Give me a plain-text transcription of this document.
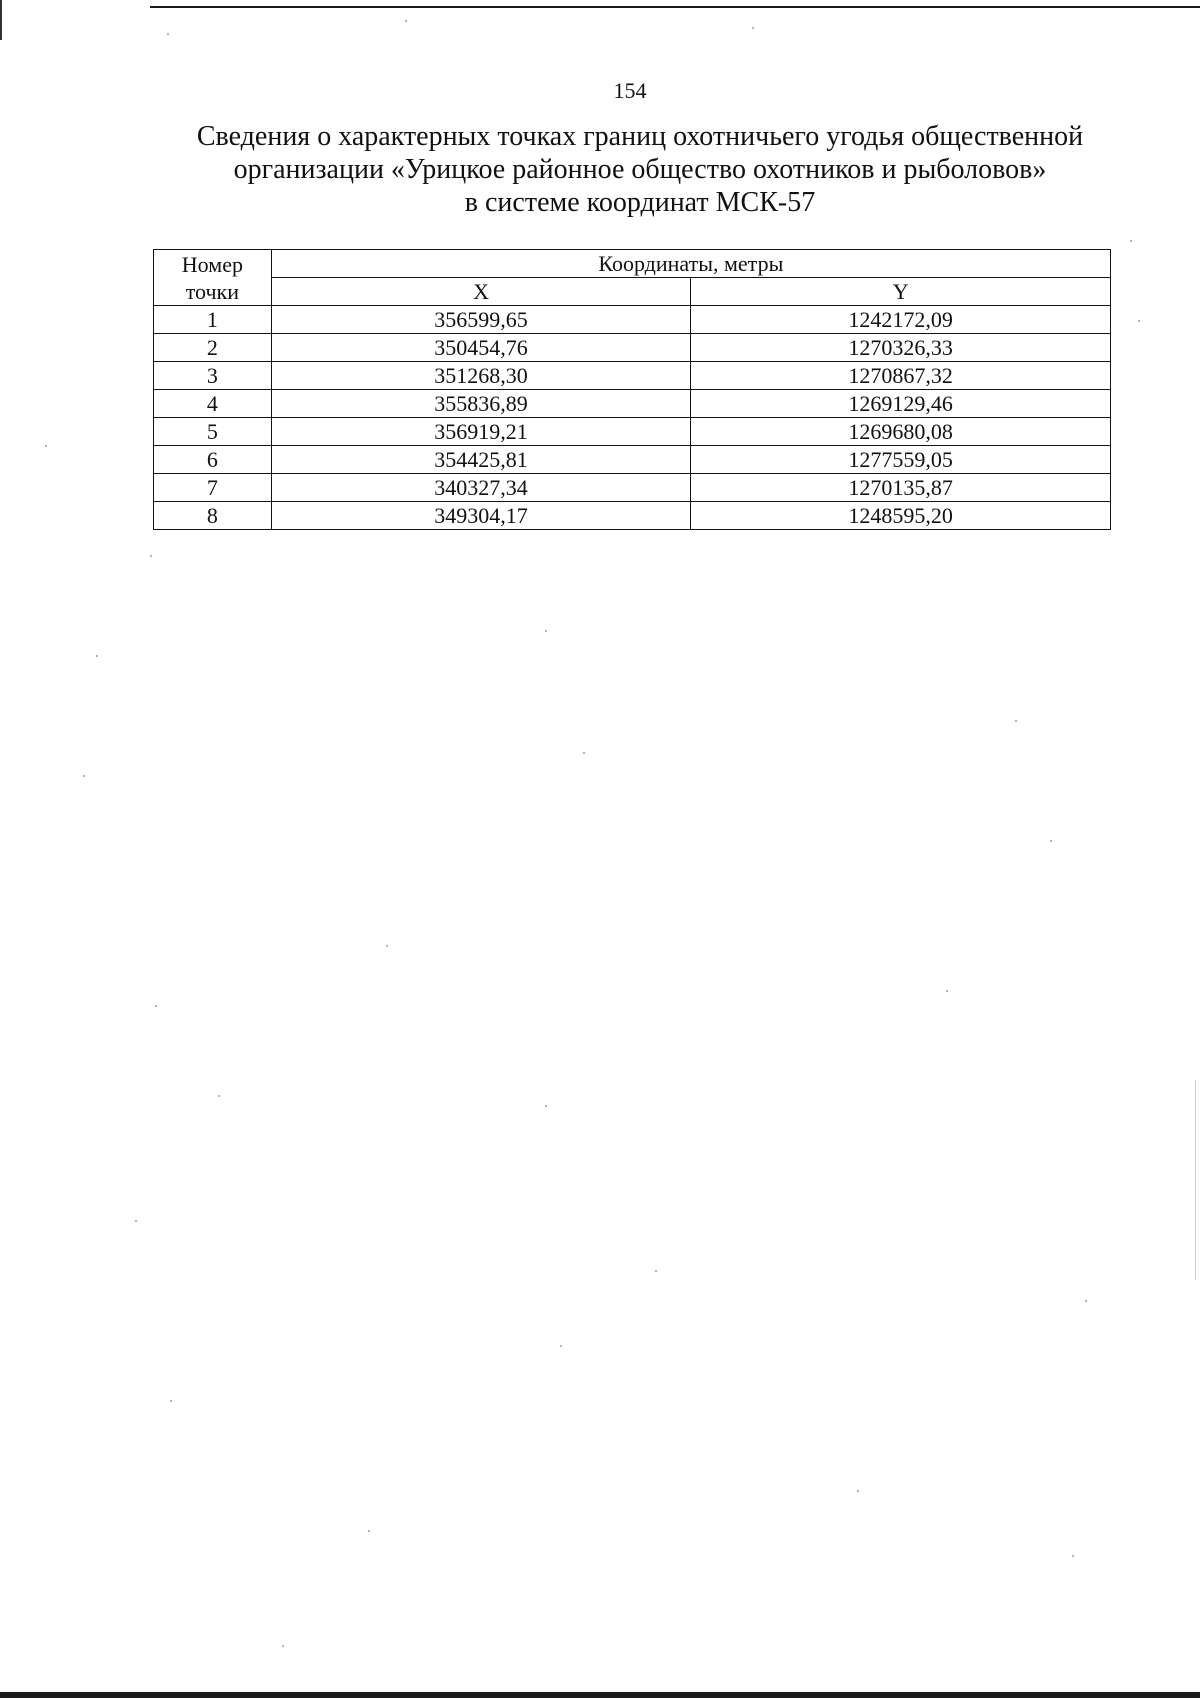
154
Сведения о характерных точках границ охотничьего угодья общественной
организации «Урицкое районное общество охотников и рыболовов»
в системе координат МСК-57
Номер
точки	Координаты, метры	
	X	Y
1	356599,65	1242172,09
2	350454,76	1270326,33
3	351268,30	1270867,32
4	355836,89	1269129,46
5	356919,21	1269680,08
6	354425,81	1277559,05
7	340327,34	1270135,87
8	349304,17	1248595,20
